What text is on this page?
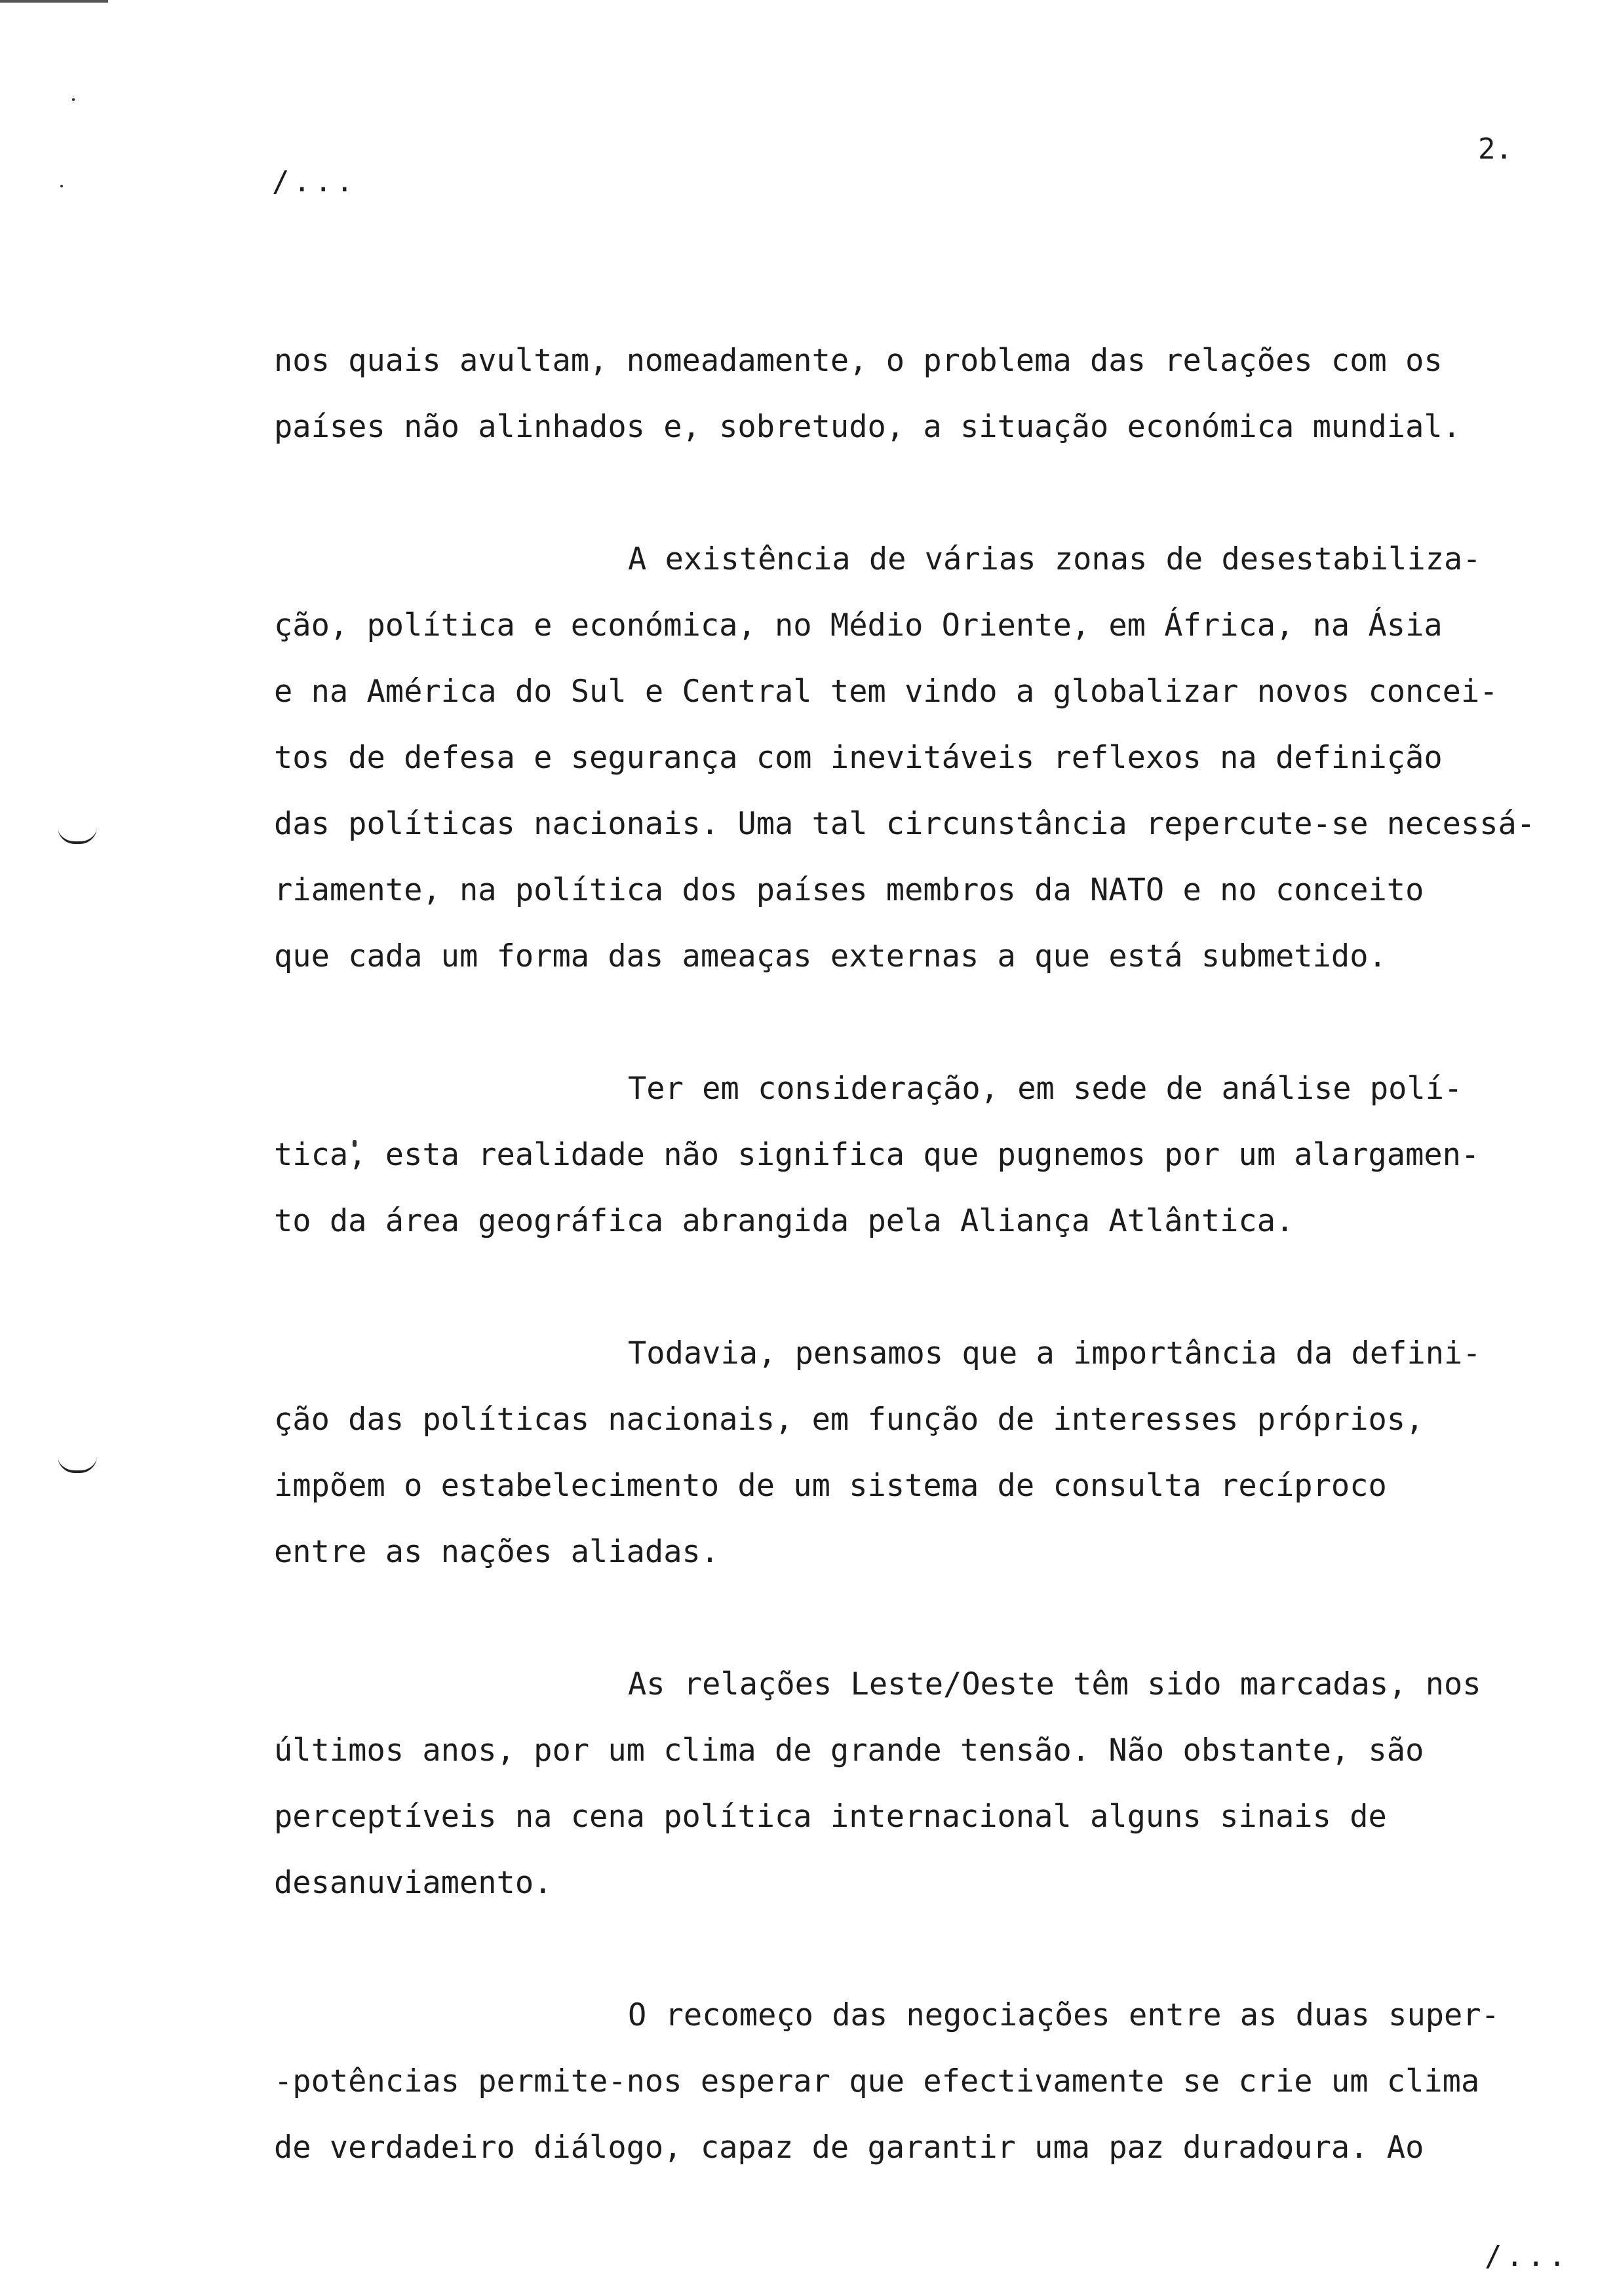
2.
/...
/...
nos quais avultam, nomeadamente, o problema das relações com os
países não alinhados e, sobretudo, a situação económica mundial.
A existência de várias zonas de desestabiliza-
ção, política e económica, no Médio Oriente, em África, na Ásia
e na América do Sul e Central tem vindo a globalizar novos concei-
tos de defesa e segurança com inevitáveis reflexos na definição
das políticas nacionais. Uma tal circunstância repercute-se necessá-
riamente, na política dos países membros da NATO e no conceito
que cada um forma das ameaças externas a que está submetido.
Ter em consideração, em sede de análise polí-
tica, esta realidade não significa que pugnemos por um alargamen-
to da área geográfica abrangida pela Aliança Atlântica.
Todavia, pensamos que a importância da defini-
ção das políticas nacionais, em função de interesses próprios,
impõem o estabelecimento de um sistema de consulta recíproco
entre as nações aliadas.
As relações Leste/Oeste têm sido marcadas, nos
últimos anos, por um clima de grande tensão. Não obstante, são
perceptíveis na cena política internacional alguns sinais de
desanuviamento.
O recomeço das negociações entre as duas super-
-potências permite-nos esperar que efectivamente se crie um clima
de verdadeiro diálogo, capaz de garantir uma paz duradoura. Ao
